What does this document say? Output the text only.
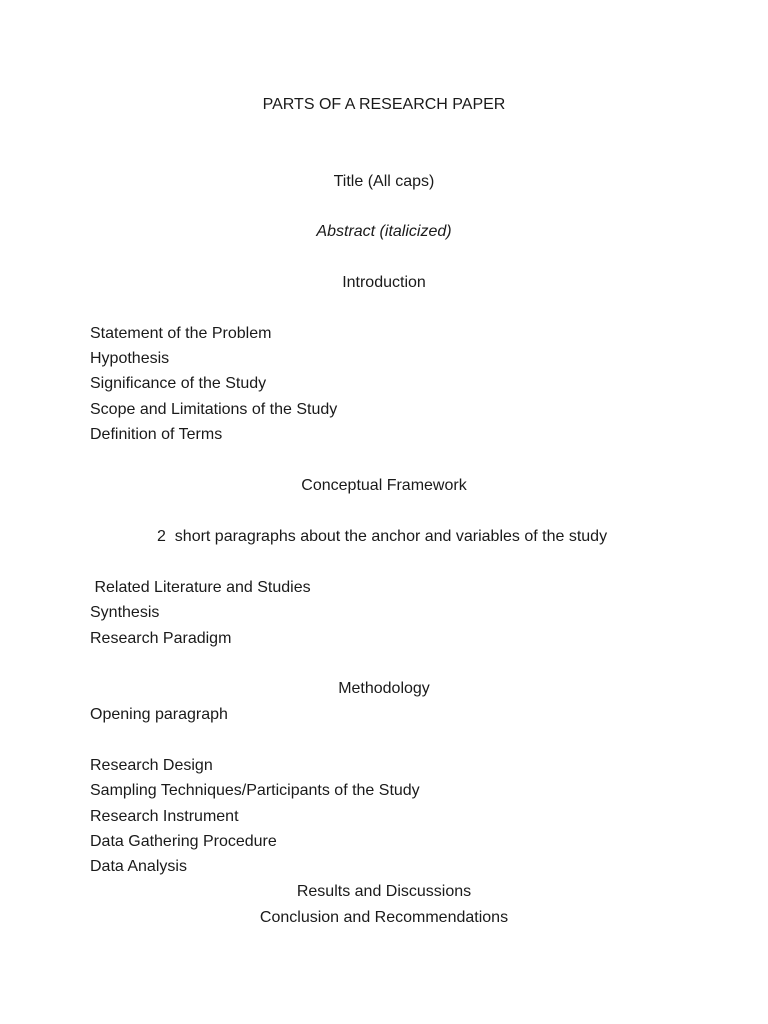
PARTS OF A RESEARCH PAPER
Title (All caps)
Abstract (italicized)
Introduction
Statement of the Problem
Hypothesis
Significance of the Study
Scope and Limitations of the Study
Definition of Terms
Conceptual Framework
2  short paragraphs about the anchor and variables of the study
Related Literature and Studies
Synthesis
Research Paradigm
Methodology
Opening paragraph
Research Design
Sampling Techniques/Participants of the Study
Research Instrument
Data Gathering Procedure
Data Analysis
Results and Discussions
Conclusion and Recommendations
